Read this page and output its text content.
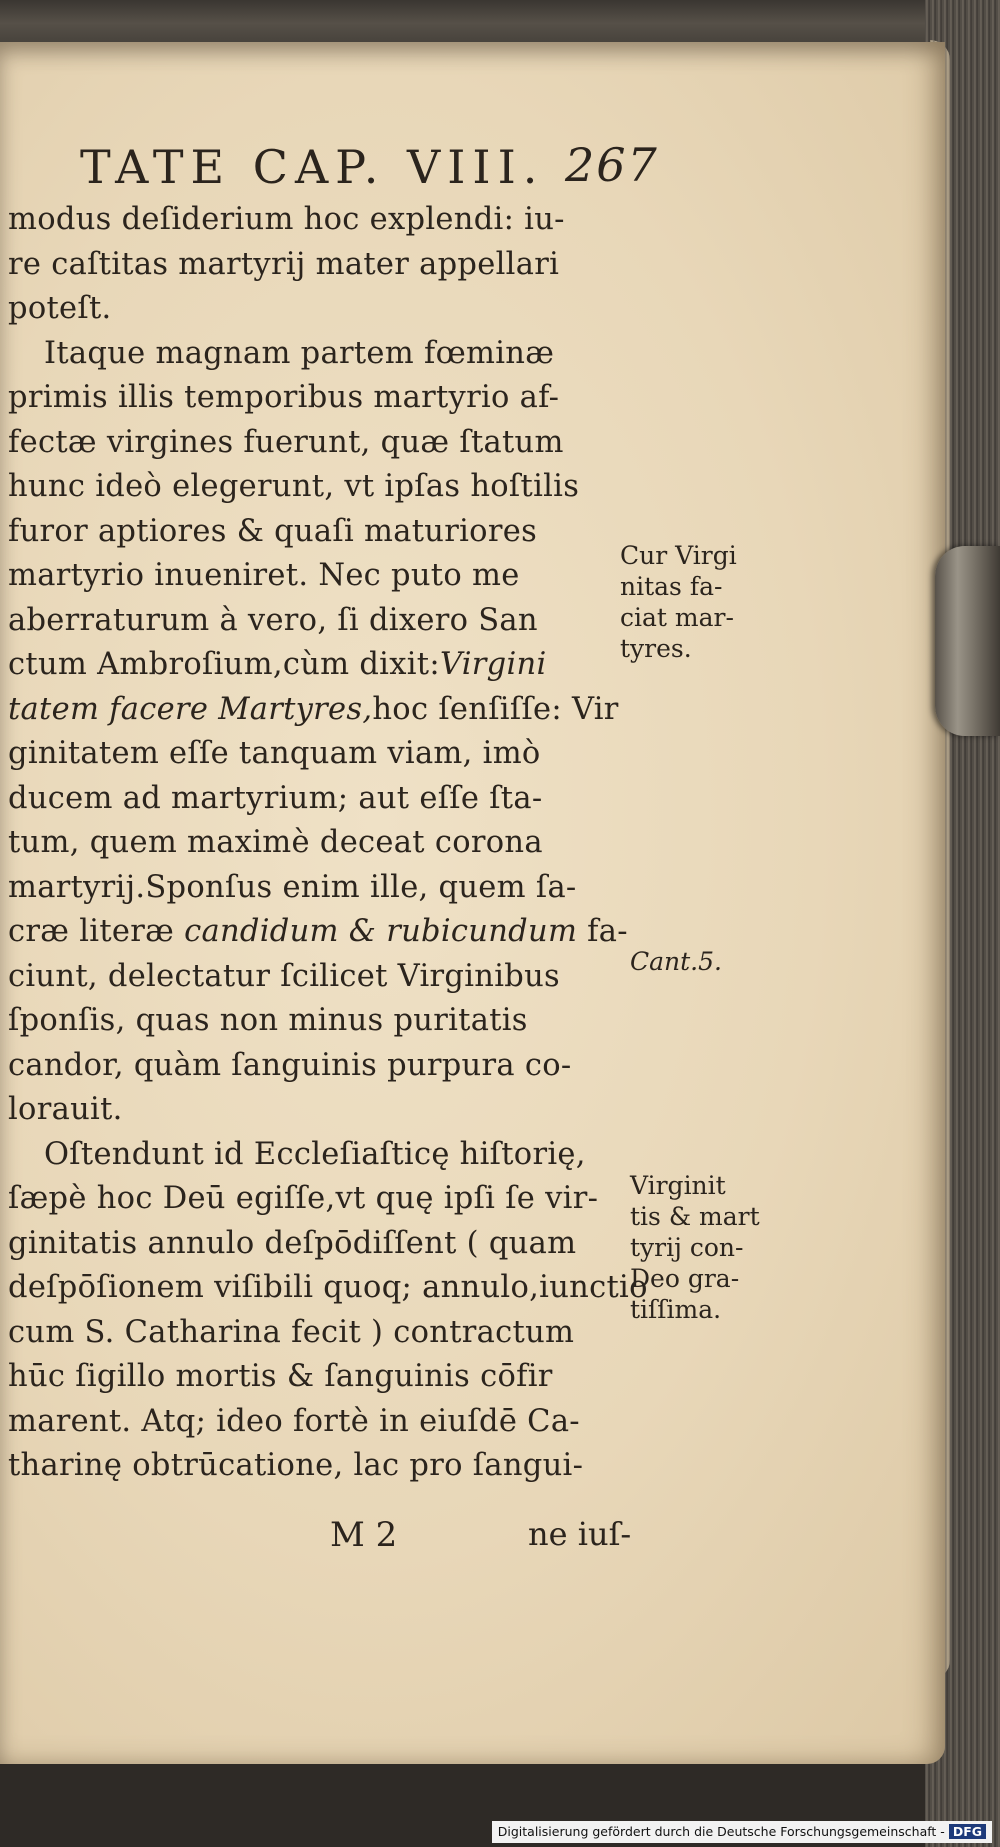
TATE CAP. VIII. 267
modus deſiderium hoc explendi: iu-
re caſtitas martyrij mater appellari
poteſt.
Itaque magnam partem fœminæ
primis illis temporibus martyrio af-
fectæ virgines fuerunt, quæ ſtatum
hunc ideò elegerunt, vt ipſas hoſtilis
furor aptiores & quaſi maturiores
martyrio inueniret. Nec puto me
aberraturum à vero, ſi dixero San
ctum Ambroſium,cùm dixit:Virgini
tatem facere Martyres,hoc ſenſiſſe: Vir
ginitatem eſſe tanquam viam, imò
ducem ad martyrium; aut eſſe ſta-
tum, quem maximè deceat corona
martyrij.Sponſus enim ille, quem ſa-
cræ literæ candidum & rubicundum fa-
ciunt, delectatur ſcilicet Virginibus
ſponſis, quas non minus puritatis
candor, quàm ſanguinis purpura co-
lorauit.
Oſtendunt id Eccleſiaſticę hiſtorię,
ſæpè hoc Deū egiſſe,vt quę ipſi ſe vir-
ginitatis annulo deſpōdiſſent ( quam
deſpōſionem viſibili quoq; annulo,iunctio
cum S. Catharina fecit ) contractum
hūc ſigillo mortis & ſanguinis cōfir
marent. Atq; ideo fortè in eiuſdē Ca-
tharinę obtrūcatione, lac pro ſangui-
Cur Virgi
nitas fa-
ciat mar-
tyres.
Cant.5.
Virginit
tis & mart
tyrij con-
Deo gra-
tiſſima.
M 2	ne iuſ-
Digitalisierung gefördert durch die Deutsche Forschungsgemeinschaft - DFG
